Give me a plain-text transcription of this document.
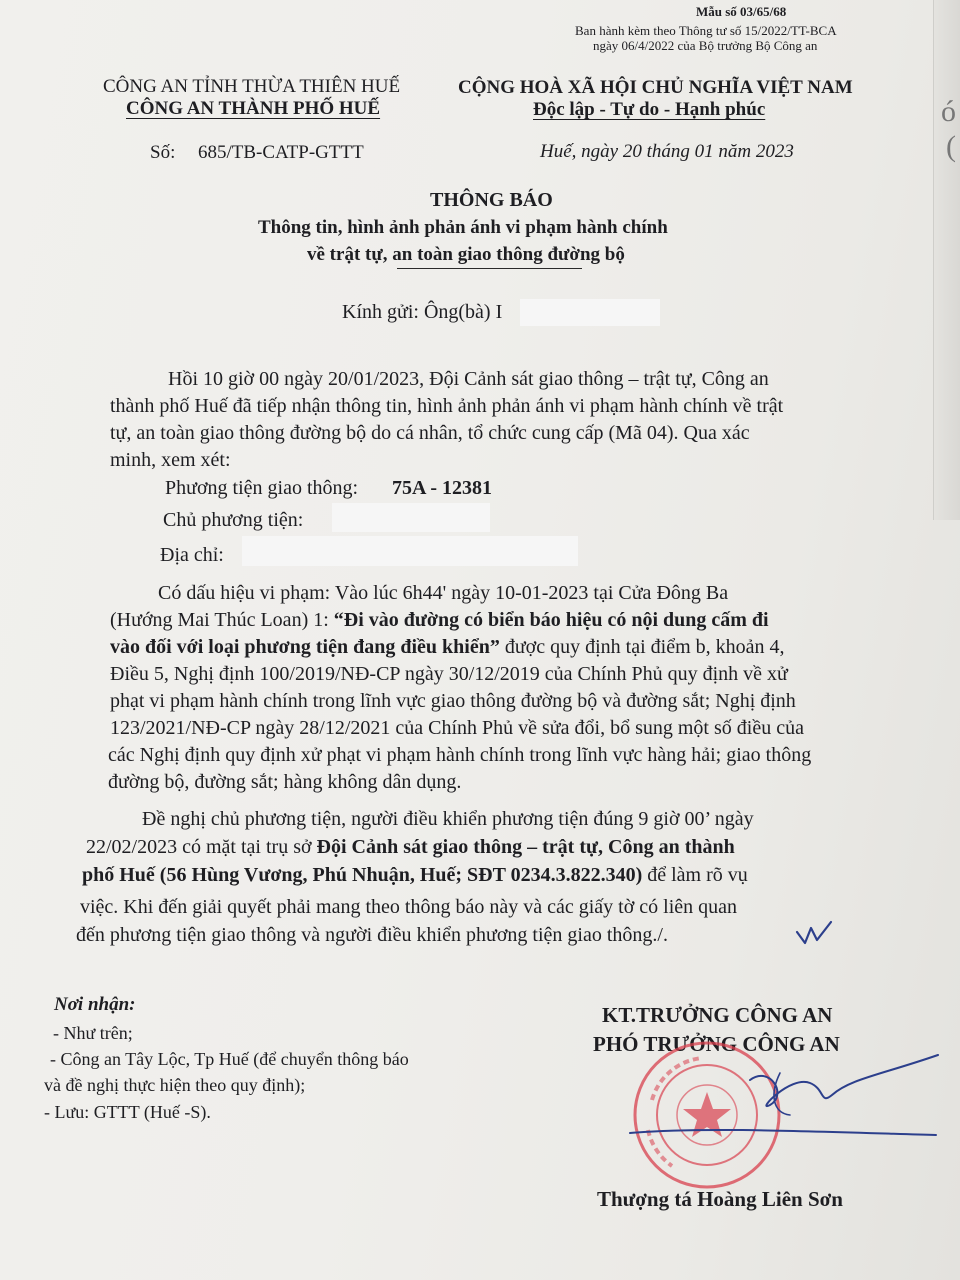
ó
(
Mẫu số 03/65/68
Ban hành kèm theo Thông tư số 15/2022/TT-BCA
ngày 06/4/2022 của Bộ trưởng Bộ Công an
CÔNG AN TỈNH THỪA THIÊN HUẾ
CÔNG AN THÀNH PHỐ HUẾ
Số: 685/TB-CATP-GTTT
CỘNG HOÀ XÃ HỘI CHỦ NGHĨA VIỆT NAM
Độc lập - Tự do - Hạnh phúc
Huế, ngày 20 tháng 01 năm 2023
THÔNG BÁO
Thông tin, hình ảnh phản ánh vi phạm hành chính
về trật tự, an toàn giao thông đường bộ
Kính gửi: Ông(bà) I
Hồi 10 giờ 00 ngày 20/01/2023, Đội Cảnh sát giao thông – trật tự, Công an
thành phố Huế đã tiếp nhận thông tin, hình ảnh phản ánh vi phạm hành chính về trật
tự, an toàn giao thông đường bộ do cá nhân, tổ chức cung cấp (Mã 04). Qua xác
minh, xem xét:
Phương tiện giao thông: 75A - 12381
Chủ phương tiện:
Địa chỉ:
Có dấu hiệu vi phạm: Vào lúc 6h44' ngày 10-01-2023 tại Cửa Đông Ba
(Hướng Mai Thúc Loan) 1: “Đi vào đường có biển báo hiệu có nội dung cấm đi
vào đối với loại phương tiện đang điều khiển” được quy định tại điểm b, khoản 4,
Điều 5, Nghị định 100/2019/NĐ-CP ngày 30/12/2019 của Chính Phủ quy định về xử
phạt vi phạm hành chính trong lĩnh vực giao thông đường bộ và đường sắt; Nghị định
123/2021/NĐ-CP ngày 28/12/2021 của Chính Phủ về sửa đổi, bổ sung một số điều của
các Nghị định quy định xử phạt vi phạm hành chính trong lĩnh vực hàng hải; giao thông
đường bộ, đường sắt; hàng không dân dụng.
Đề nghị chủ phương tiện, người điều khiển phương tiện đúng 9 giờ 00’ ngày
22/02/2023 có mặt tại trụ sở Đội Cảnh sát giao thông – trật tự, Công an thành
phố Huế (56 Hùng Vương, Phú Nhuận, Huế; SĐT 0234.3.822.340) để làm rõ vụ
việc. Khi đến giải quyết phải mang theo thông báo này và các giấy tờ có liên quan
đến phương tiện giao thông và người điều khiển phương tiện giao thông./.
Nơi nhận:
- Như trên;
- Công an Tây Lộc, Tp Huế (để chuyển thông báo
và đề nghị thực hiện theo quy định);
- Lưu: GTTT (Huế -S).
KT.TRƯỞNG CÔNG AN
PHÓ TRƯỞNG CÔNG AN
Thượng tá Hoàng Liên Sơn
